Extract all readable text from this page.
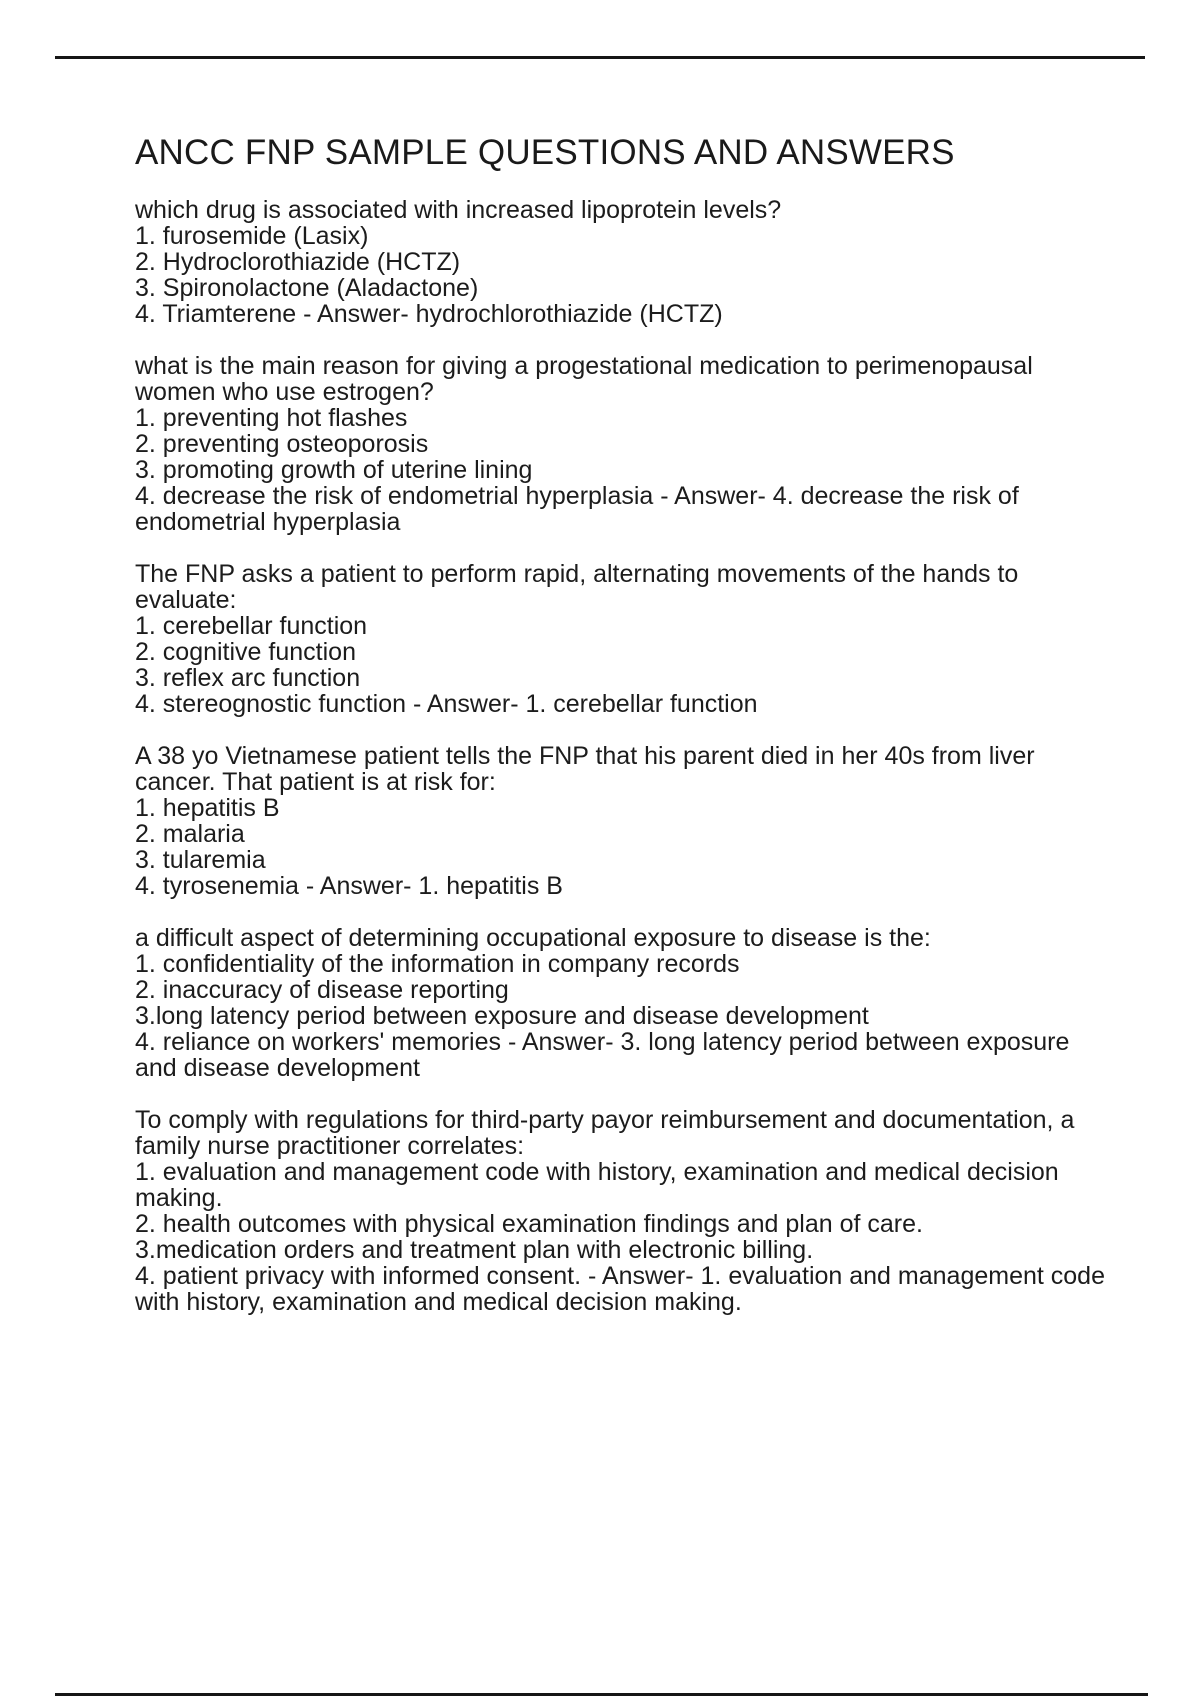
ANCC FNP SAMPLE QUESTIONS AND ANSWERS

which drug is associated with increased lipoprotein levels?

1. furosemide (Lasix)

2. Hydroclorothiazide (HCTZ)

3. Spironolactone (Aladactone)

4. Triamterene - Answer- hydrochlorothiazide (HCTZ)

what is the main reason for giving a progestational medication to perimenopausal women who use estrogen?

1. preventing hot flashes

2. preventing osteoporosis

3. promoting growth of uterine lining

4. decrease the risk of endometrial hyperplasia - Answer- 4. decrease the risk of endometrial hyperplasia

The FNP asks a patient to perform rapid, alternating movements of the hands to evaluate:

1. cerebellar function

2. cognitive function

3. reflex arc function

4. stereognostic function - Answer- 1. cerebellar function

A 38 yo Vietnamese patient tells the FNP that his parent died in her 40s from liver cancer. That patient is at risk for:

1. hepatitis B

2. malaria

3. tularemia

4. tyrosenemia - Answer- 1. hepatitis B

a difficult aspect of determining occupational exposure to disease is the:

1. confidentiality of the information in company records

2. inaccuracy of disease reporting

3.long latency period between exposure and disease development

4. reliance on workers' memories - Answer- 3. long latency period between exposure and disease development

To comply with regulations for third-party payor reimbursement and documentation, a family nurse practitioner correlates:

1. evaluation and management code with history, examination and medical decision making.

2. health outcomes with physical examination findings and plan of care.

3.medication orders and treatment plan with electronic billing.

4. patient privacy with informed consent. - Answer- 1. evaluation and management code with history, examination and medical decision making.
